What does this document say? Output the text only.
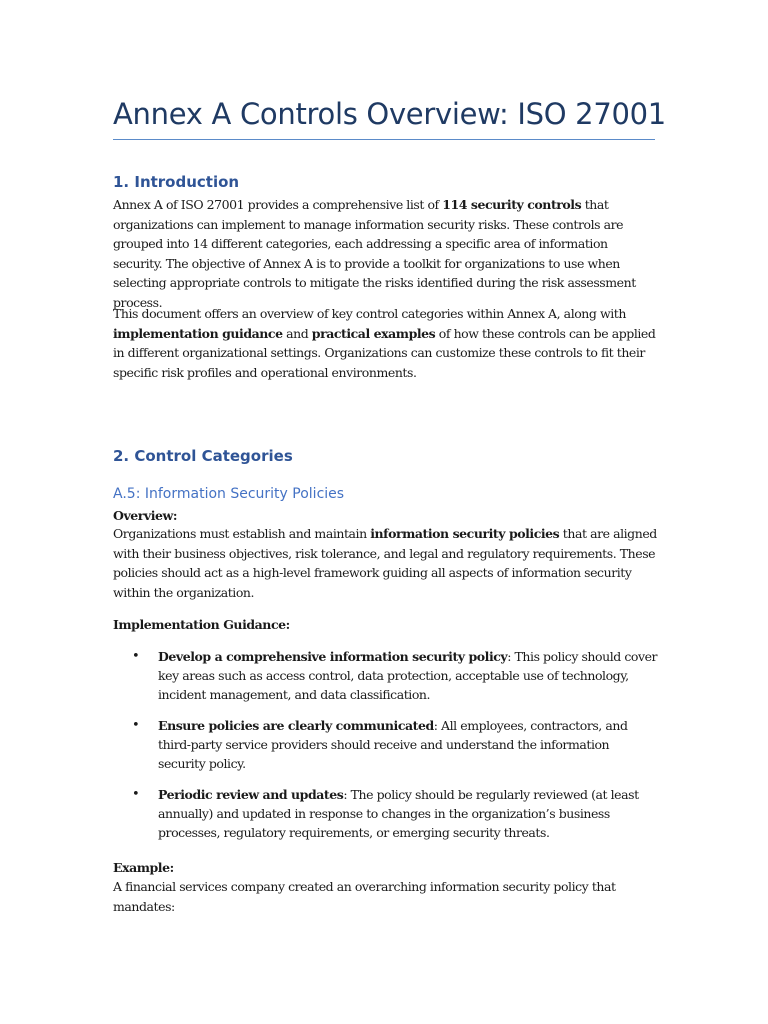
Annex A Controls Overview: ISO 27001
1. Introduction

Annex A of ISO 27001 provides a comprehensive list of 114 security controls that organizations can implement to manage information security risks. These controls are grouped into 14 different categories, each addressing a specific area of information security. The objective of Annex A is to provide a toolkit for organizations to use when selecting appropriate controls to mitigate the risks identified during the risk assessment process.

This document offers an overview of key control categories within Annex A, along with implementation guidance and practical examples of how these controls can be applied in different organizational settings. Organizations can customize these controls to fit their specific risk profiles and operational environments.

2. Control Categories
A.5: Information Security Policies

Overview:

Organizations must establish and maintain information security policies that are aligned with their business objectives, risk tolerance, and legal and regulatory requirements. These policies should act as a high-level framework guiding all aspects of information security within the organization.

Implementation Guidance:

• Develop a comprehensive information security policy: This policy should cover key areas such as access control, data protection, acceptable use of technology, incident management, and data classification.
• Ensure policies are clearly communicated: All employees, contractors, and third-party service providers should receive and understand the information security policy.
• Periodic review and updates: The policy should be regularly reviewed (at least annually) and updated in response to changes in the organization’s business processes, regulatory requirements, or emerging security threats.

Example:

A financial services company created an overarching information security policy that mandates:
